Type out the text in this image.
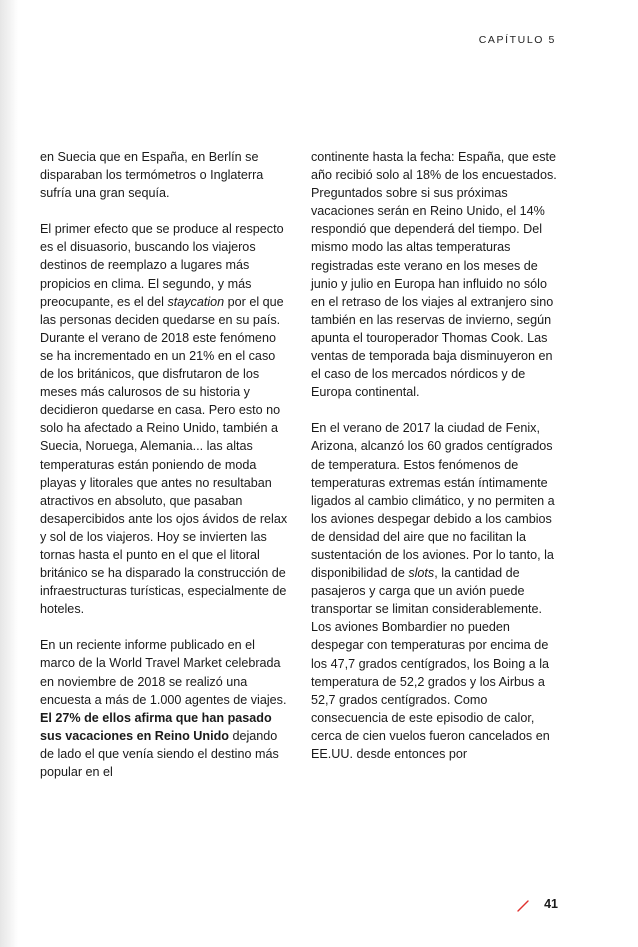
CAPÍTULO 5

en Suecia que en España, en Berlín se disparaban los termómetros o Inglaterra sufría una gran sequía.

El primer efecto que se produce al respecto es el disuasorio, buscando los viajeros destinos de reemplazo a lugares más propicios en clima. El segundo, y más preocupante, es el del staycation por el que las personas deciden quedarse en su país. Durante el verano de 2018 este fenómeno se ha incrementado en un 21% en el caso de los británicos, que disfrutaron de los meses más calurosos de su historia y decidieron quedarse en casa. Pero esto no solo ha afectado a Reino Unido, también a Suecia, Noruega, Alemania... las altas temperaturas están poniendo de moda playas y litorales que antes no resultaban atractivos en absoluto, que pasaban desapercibidos ante los ojos ávidos de relax y sol de los viajeros. Hoy se invierten las tornas hasta el punto en el que el litoral británico se ha disparado la construcción de infraestructuras turísticas, especialmente de hoteles.

En un reciente informe publicado en el marco de la World Travel Market celebrada en noviembre de 2018 se realizó una encuesta a más de 1.000 agentes de viajes. El 27% de ellos afirma que han pasado sus vacaciones en Reino Unido dejando de lado el que venía siendo el destino más popular en el

continente hasta la fecha: España, que este año recibió solo al 18% de los encuestados. Preguntados sobre si sus próximas vacaciones serán en Reino Unido, el 14% respondió que dependerá del tiempo. Del mismo modo las altas temperaturas registradas este verano en los meses de junio y julio en Europa han influido no sólo en el retraso de los viajes al extranjero sino también en las reservas de invierno, según apunta el touroperador Thomas Cook. Las ventas de temporada baja disminuyeron en el caso de los mercados nórdicos y de Europa continental.

En el verano de 2017 la ciudad de Fenix, Arizona, alcanzó los 60 grados centígrados de temperatura. Estos fenómenos de temperaturas extremas están íntimamente ligados al cambio climático, y no permiten a los aviones despegar debido a los cambios de densidad del aire que no facilitan la sustentación de los aviones. Por lo tanto, la disponibilidad de slots, la cantidad de pasajeros y carga que un avión puede transportar se limitan considerablemente. Los aviones Bombardier no pueden despegar con temperaturas por encima de los 47,7 grados centígrados, los Boing a la temperatura de 52,2 grados y los Airbus a 52,7 grados centígrados. Como consecuencia de este episodio de calor, cerca de cien vuelos fueron cancelados en EE.UU. desde entonces por

41
